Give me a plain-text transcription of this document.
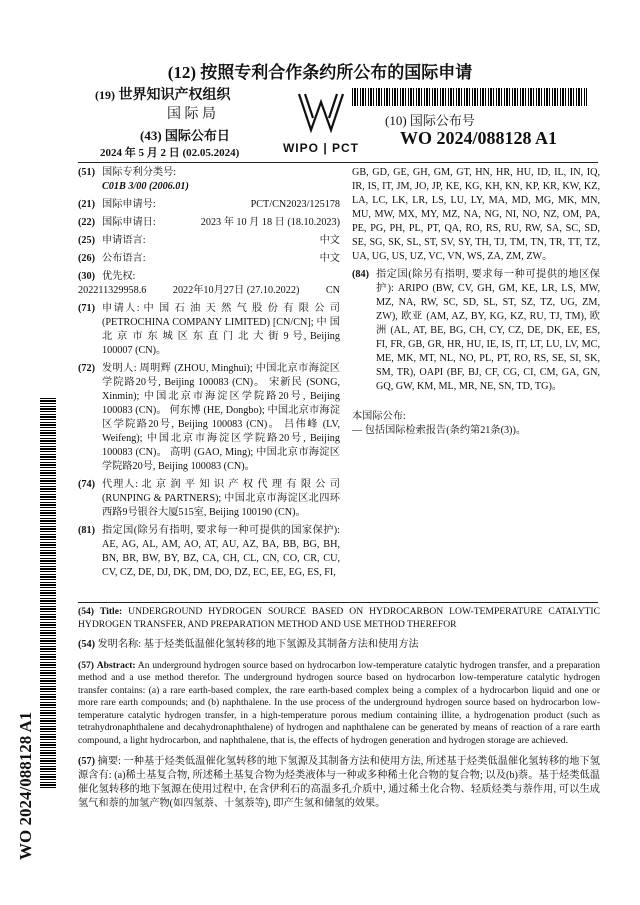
(12) 按照专利合作条约所公布的国际申请
(19) 世界知识产权组织
国 际 局
WIPO | PCT
(10) 国际公布号
WO 2024/088128 A1
(43) 国际公布日
2024 年 5 月 2 日 (02.05.2024)
(51) 国际专利分类号:
C01B 3/00 (2006.01)
(21) 国际申请号:	PCT/CN2023/125178
(22) 国际申请日:	2023 年 10 月 18 日 (18.10.2023)
(25) 申请语言:	中文
(26) 公布语言:	中文
(30) 优先权:
202211329958.6	2022年10月27日 (27.10.2022)	CN
(71) 申请人: 中 国 石 油 天 然 气 股 份 有 限 公 司 (PETROCHINA COMPANY LIMITED) [CN/CN]; 中 国 北 京 市 东 城 区 东 直 门 北 大 街 9 号, Beijing 100007 (CN)。
(72) 发明人: 周明辉 (ZHOU, Minghui); 中国北京市海淀区学院路20号, Beijing 100083 (CN)。 宋新民 (SONG, Xinmin); 中国北京市海淀区学院路20号, Beijing 100083 (CN)。 何东博 (HE, Dongbo); 中国北京市海淀区学院路20号, Beijing 100083 (CN)。 吕伟峰 (LV, Weifeng); 中国北京市海淀区学院路20号, Beijing 100083 (CN)。 高明 (GAO, Ming); 中国北京市海淀区学院路20号, Beijing 100083 (CN)。
(74) 代理人: 北 京 润 平 知 识 产 权 代 理 有 限 公 司 (RUNPING & PARTNERS); 中国北京市海淀区北四环西路9号银谷大厦515室, Beijing 100190 (CN)。
(81) 指定国(除另有指明, 要求每一种可提供的国家保护): AE, AG, AL, AM, AO, AT, AU, AZ, BA, BB, BG, BH, BN, BR, BW, BY, BZ, CA, CH, CL, CN, CO, CR, CU, CV, CZ, DE, DJ, DK, DM, DO, DZ, EC, EE, EG, ES, FI,
GB, GD, GE, GH, GM, GT, HN, HR, HU, ID, IL, IN, IQ, IR, IS, IT, JM, JO, JP, KE, KG, KH, KN, KP, KR, KW, KZ, LA, LC, LK, LR, LS, LU, LY, MA, MD, MG, MK, MN, MU, MW, MX, MY, MZ, NA, NG, NI, NO, NZ, OM, PA, PE, PG, PH, PL, PT, QA, RO, RS, RU, RW, SA, SC, SD, SE, SG, SK, SL, ST, SV, SY, TH, TJ, TM, TN, TR, TT, TZ, UA, UG, US, UZ, VC, VN, WS, ZA, ZM, ZW。
(84) 指定国(除另有指明, 要求每一种可提供的地区保护): ARIPO (BW, CV, GH, GM, KE, LR, LS, MW, MZ, NA, RW, SC, SD, SL, ST, SZ, TZ, UG, ZM, ZW), 欧亚 (AM, AZ, BY, KG, KZ, RU, TJ, TM), 欧洲 (AL, AT, BE, BG, CH, CY, CZ, DE, DK, EE, ES, FI, FR, GB, GR, HR, HU, IE, IS, IT, LT, LU, LV, MC, ME, MK, MT, NL, NO, PL, PT, RO, RS, SE, SI, SK, SM, TR), OAPI (BF, BJ, CF, CG, CI, CM, GA, GN, GQ, GW, KM, ML, MR, NE, SN, TD, TG)。
本国际公布:
— 包括国际检索报告(条约第21条(3))。
(54) Title: UNDERGROUND HYDROGEN SOURCE BASED ON HYDROCARBON LOW-TEMPERATURE CATALYTIC HYDROGEN TRANSFER, AND PREPARATION METHOD AND USE METHOD THEREFOR
(54) 发明名称: 基于烃类低温催化氢转移的地下氢源及其制备方法和使用方法
(57) Abstract: An underground hydrogen source based on hydrocarbon low-temperature catalytic hydrogen transfer, and a preparation method and a use method therefor. The underground hydrogen source based on hydrocarbon low-temperature catalytic hydrogen transfer contains: (a) a rare earth-based complex, the rare earth-based complex being a complex of a hydrocarbon liquid and one or more rare earth compounds; and (b) naphthalene. In the use process of the underground hydrogen source based on hydrocarbon low-temperature catalytic hydrogen transfer, in a high-temperature porous medium containing illite, a hydrogenation product (such as tetrahydronaphthalene and decahydronaphthalene) of hydrogen and naphthalene can be generated by means of reaction of a rare earth compound, a light hydrocarbon, and naphthalene, that is, the effects of hydrogen generation and hydrogen storage are achieved.
(57) 摘要: 一种基于烃类低温催化氢转移的地下氢源及其制备方法和使用方法, 所述基于烃类低温催化氢转移的地下氢源含有: (a)稀土基复合物, 所述稀土基复合物为烃类液体与一种或多种稀土化合物的复合物; 以及(b)萘。基于烃类低温催化氢转移的地下氢源在使用过程中, 在含伊利石的高温多孔介质中, 通过稀土化合物、轻质烃类与萘作用, 可以生成氢气和萘的加氢产物(如四氢萘、十氢萘等), 即产生氢和储氢的效果。
WO 2024/088128 A1
